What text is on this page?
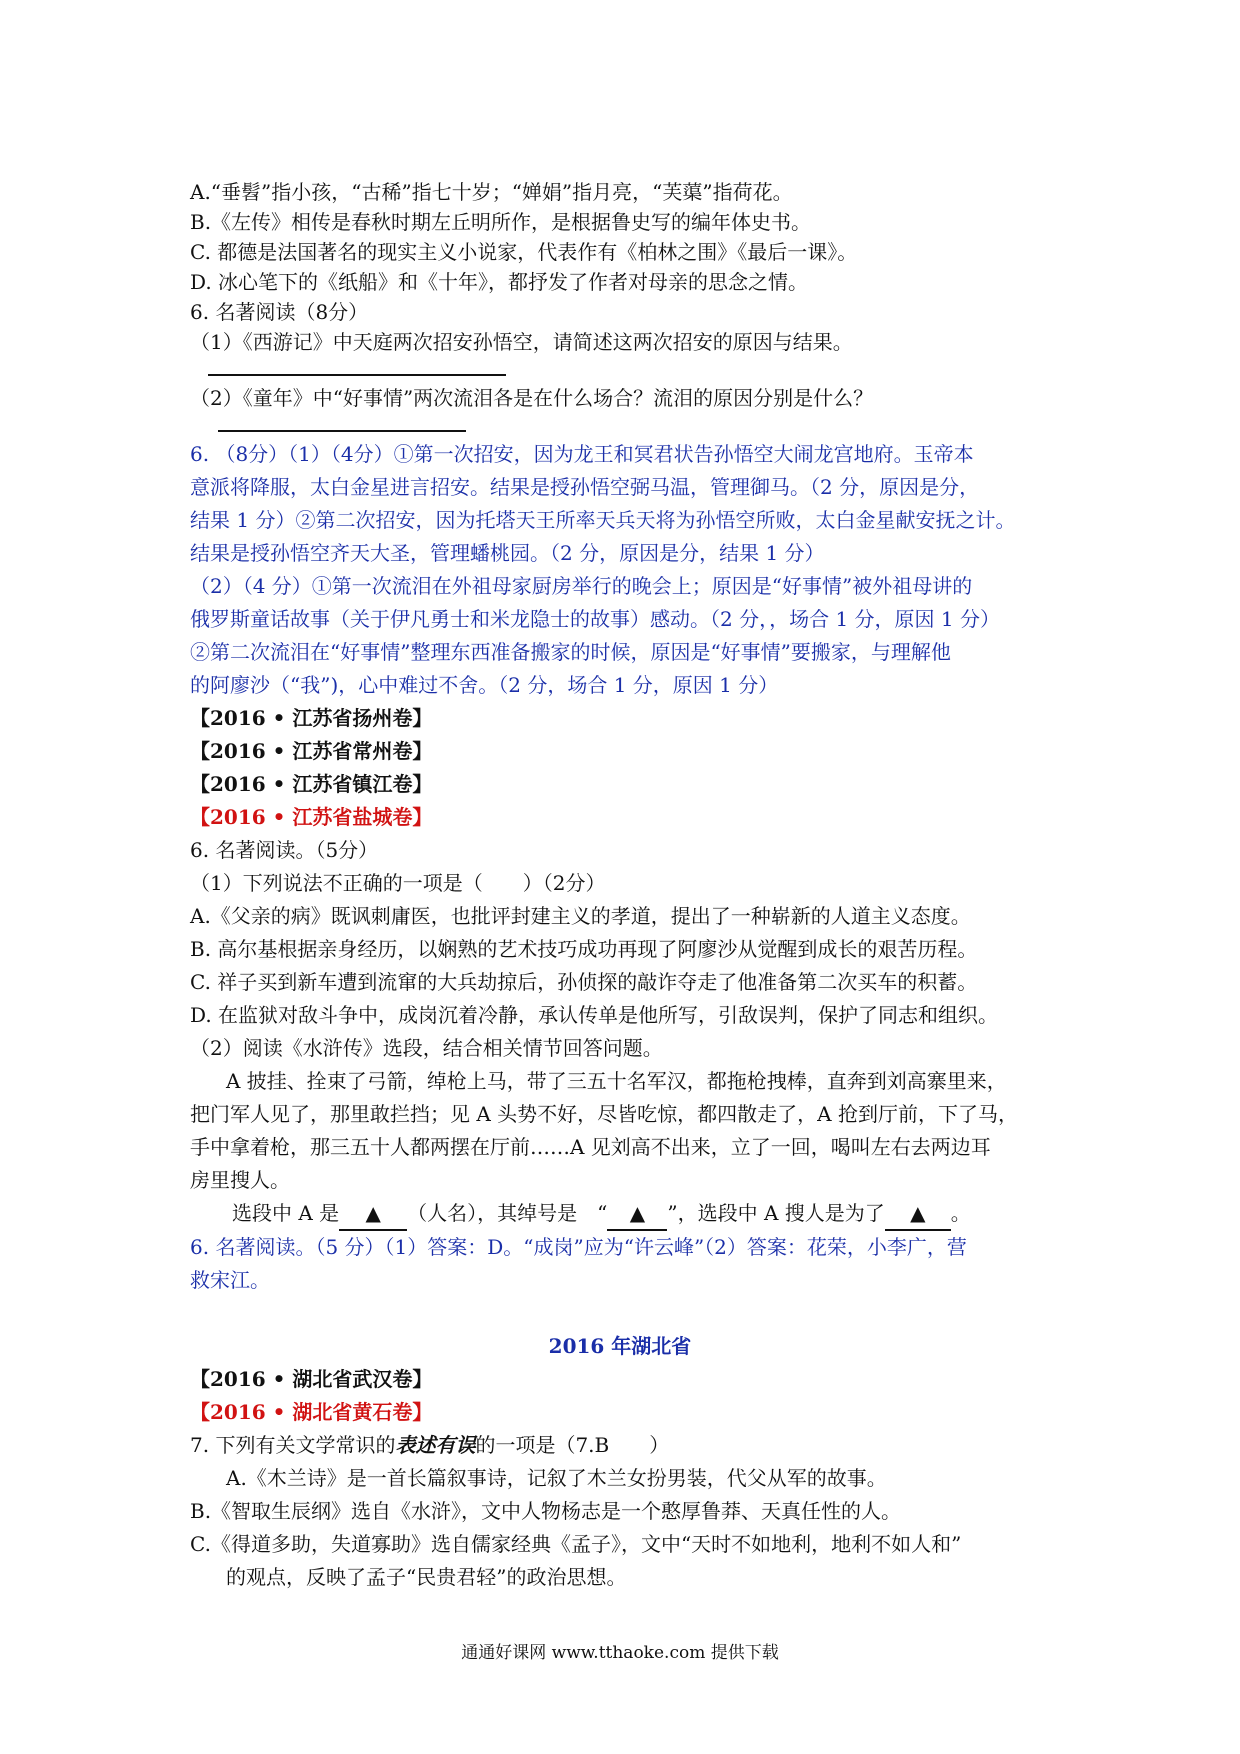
A.“垂髫”指小孩，“古稀”指七十岁；“婵娟”指月亮，“芙蕖”指荷花。
B.《左传》相传是春秋时期左丘明所作，是根据鲁史写的编年体史书。
C. 都德是法国著名的现实主义小说家，代表作有《柏林之围》《最后一课》。
D. 冰心笔下的《纸船》和《十年》，都抒发了作者对母亲的思念之情。
6. 名著阅读（8分）
（1）《西游记》中天庭两次招安孙悟空，请简述这两次招安的原因与结果。
（2）《童年》中“好事情”两次流泪各是在什么场合？流泪的原因分别是什么？
6. （8分）（1）（4分）①第一次招安，因为龙王和冥君状告孙悟空大闹龙宫地府。玉帝本
意派将降服，太白金星进言招安。结果是授孙悟空弼马温，管理御马。（2 分，原因是分，
结果 1 分）②第二次招安，因为托塔天王所率天兵天将为孙悟空所败，太白金星献安抚之计。
结果是授孙悟空齐天大圣，管理蟠桃园。（2 分，原因是分，结果 1 分）
（2）（4 分）①第一次流泪在外祖母家厨房举行的晚会上；原因是“好事情”被外祖母讲的
俄罗斯童话故事（关于伊凡勇士和米龙隐士的故事）感动。（2 分，，场合 1 分，原因 1 分）
②第二次流泪在“好事情”整理东西准备搬家的时候，原因是“好事情”要搬家，与理解他
的阿廖沙（“我”)，心中难过不舍。（2 分，场合 1 分，原因 1 分）
【2016 • 江苏省扬州卷】
【2016 • 江苏省常州卷】
【2016 • 江苏省镇江卷】
【2016 • 江苏省盐城卷】
6. 名著阅读。（5分）
（1）下列说法不正确的一项是（　　）（2分）
A.《父亲的病》既讽刺庸医，也批评封建主义的孝道，提出了一种崭新的人道主义态度。
B. 高尔基根据亲身经历，以娴熟的艺术技巧成功再现了阿廖沙从觉醒到成长的艰苦历程。
C. 祥子买到新车遭到流窜的大兵劫掠后，孙侦探的敲诈夺走了他准备第二次买车的积蓄。
D. 在监狱对敌斗争中，成岗沉着冷静，承认传单是他所写，引敌误判，保护了同志和组织。
（2）阅读《水浒传》选段，结合相关情节回答问题。
A 披挂、拴束了弓箭，绰枪上马，带了三五十名军汉，都拖枪拽棒，直奔到刘高寨里来，
把门军人见了，那里敢拦挡；见 A 头势不好，尽皆吃惊，都四散走了，A 抢到厅前，下了马，
手中拿着枪，那三五十人都两摆在厅前……A 见刘高不出来，立了一回，喝叫左右去两边耳
房里搜人。
选段中 A 是 ▲ （人名），其绰号是　“ ▲ ”，选段中 A 搜人是为了 ▲ 。
6. 名著阅读。（5 分）（1）答案：D。“成岗”应为“许云峰”（2）答案：花荣，小李广，营
救宋江。
2016 年湖北省
【2016 • 湖北省武汉卷】
【2016 • 湖北省黄石卷】
7. 下列有关文学常识的表述有误的一项是（7.B　　）
A.《木兰诗》是一首长篇叙事诗，记叙了木兰女扮男装，代父从军的故事。
B.《智取生辰纲》选自《水浒》，文中人物杨志是一个憨厚鲁莽、天真任性的人。
C.《得道多助，失道寡助》选自儒家经典《孟子》，文中“天时不如地利，地利不如人和”
的观点，反映了孟子“民贵君轻”的政治思想。
通通好课网 www.tthaoke.com 提供下载
